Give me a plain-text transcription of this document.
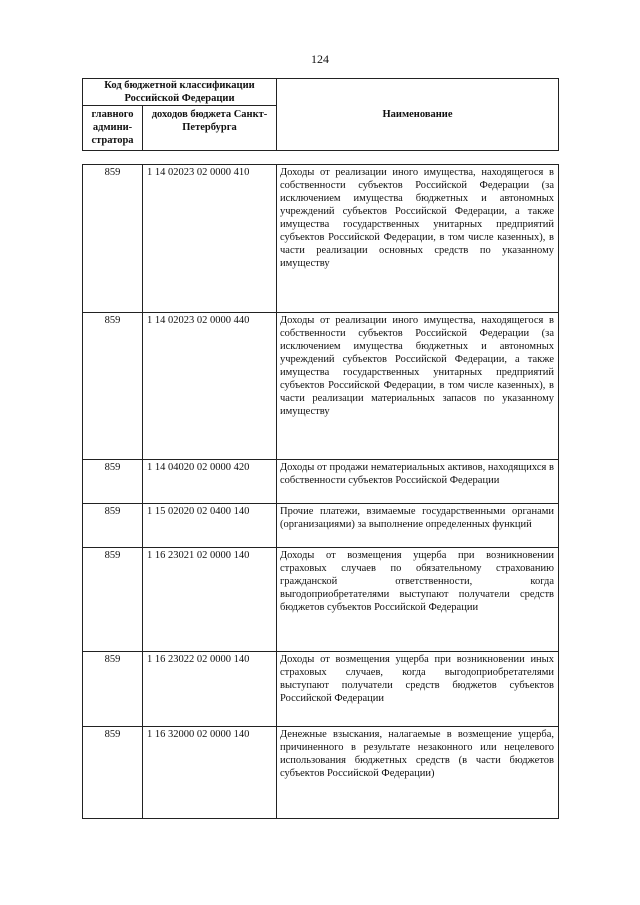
124
Код бюджетной классификации Российской Федерации		Наименование
главного админи-стратора	доходов бюджета Санкт-Петербурга	
859	1 14 02023 02 0000 410	Доходы от реализации иного имущества, находящегося в собственности субъектов Российской Федерации (за исключением имущества бюджетных и автономных учреждений субъектов Российской Федерации, а также имущества государственных унитарных предприятий субъектов Российской Федерации, в том числе казенных), в части реализации основных средств по указанному имуществу
859	1 14 02023 02 0000 440	Доходы от реализации иного имущества, находящегося в собственности субъектов Российской Федерации (за исключением имущества бюджетных и автономных учреждений субъектов Российской Федерации, а также имущества государственных унитарных предприятий субъектов Российской Федерации, в том числе казенных), в части реализации материальных запасов по указанному имуществу
859	1 14 04020 02 0000 420	Доходы от продажи нематериальных активов, находящихся в собственности субъектов Российской Федерации
859	1 15 02020 02 0400 140	Прочие платежи, взимаемые государственными органами (организациями) за выполнение определенных функций
859	1 16 23021 02 0000 140	Доходы от возмещения ущерба при возникновении страховых случаев по обязательному страхованию гражданской ответственности, когда выгодоприобретателями выступают получатели средств бюджетов субъектов Российской Федерации
859	1 16 23022 02 0000 140	Доходы от возмещения ущерба при возникновении иных страховых случаев, когда выгодоприобретателями выступают получатели средств бюджетов субъектов Российской Федерации
859	1 16 32000 02 0000 140	Денежные взыскания, налагаемые в возмещение ущерба, причиненного в результате незаконного или нецелевого использования бюджетных средств (в части бюджетов субъектов Российской Федерации)
